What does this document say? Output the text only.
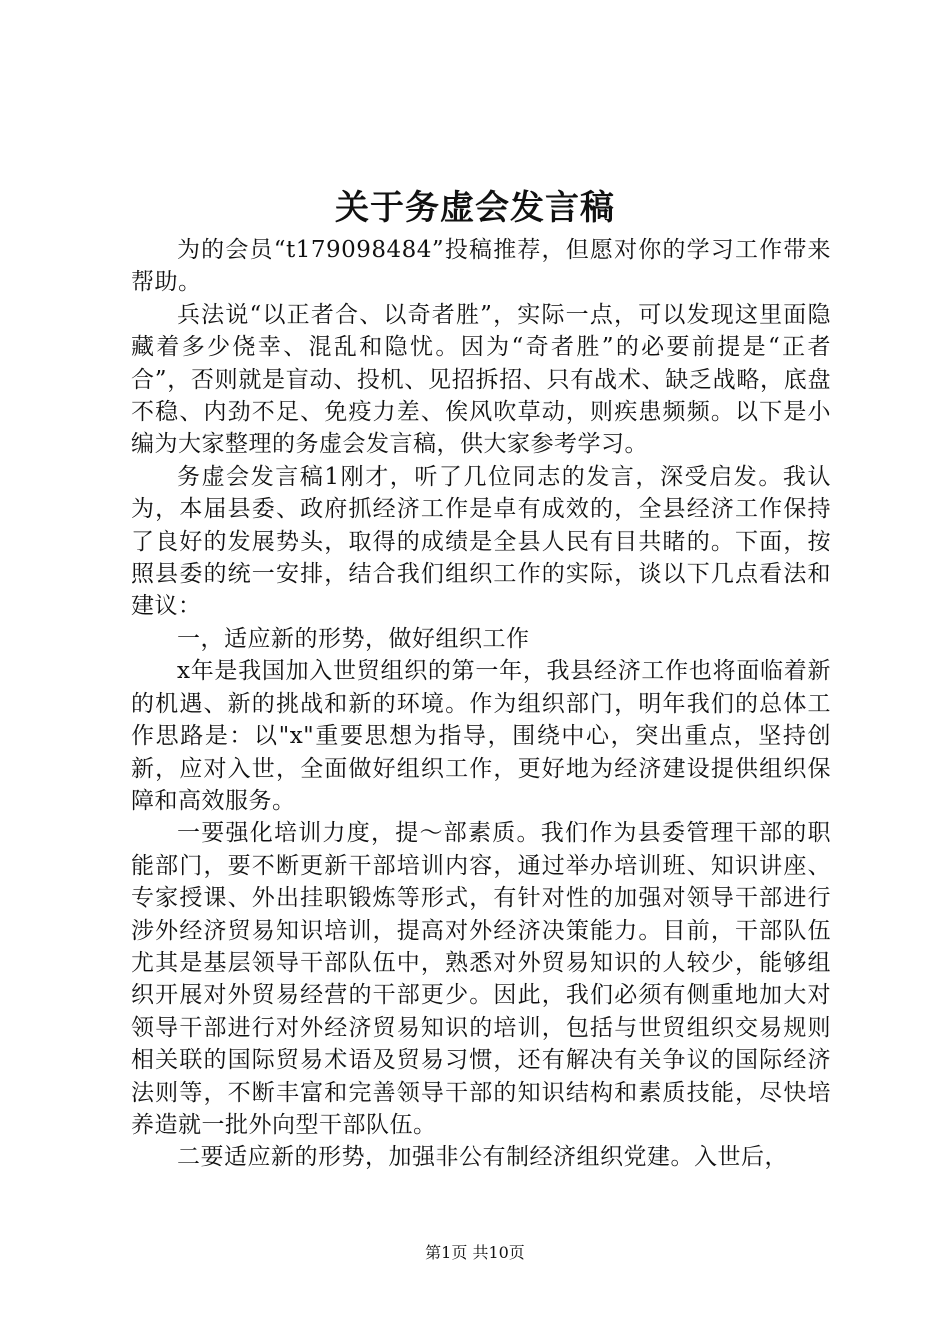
关于务虚会发言稿

为的会员“t179098484”投稿推荐，但愿对你的学习工作带来帮助。

兵法说“以正者合、以奇者胜”，实际一点，可以发现这里面隐藏着多少侥幸、混乱和隐忧。因为“奇者胜”的必要前提是“正者合”，否则就是盲动、投机、见招拆招、只有战术、缺乏战略，底盘不稳、内劲不足、免疫力差、俟风吹草动，则疾患频频。以下是小编为大家整理的务虚会发言稿，供大家参考学习。

务虚会发言稿1刚才，听了几位同志的发言，深受启发。我认为，本届县委、政府抓经济工作是卓有成效的，全县经济工作保持了良好的发展势头，取得的成绩是全县人民有目共睹的。下面，按照县委的统一安排，结合我们组织工作的实际，谈以下几点看法和建议：

一，适应新的形势，做好组织工作

x年是我国加入世贸组织的第一年，我县经济工作也将面临着新的机遇、新的挑战和新的环境。作为组织部门，明年我们的总体工作思路是：以"x"重要思想为指导，围绕中心，突出重点，坚持创新，应对入世，全面做好组织工作，更好地为经济建设提供组织保障和高效服务。

一要强化培训力度，提～部素质。我们作为县委管理干部的职能部门，要不断更新干部培训内容，通过举办培训班、知识讲座、专家授课、外出挂职锻炼等形式，有针对性的加强对领导干部进行涉外经济贸易知识培训，提高对外经济决策能力。目前，干部队伍尤其是基层领导干部队伍中，熟悉对外贸易知识的人较少，能够组织开展对外贸易经营的干部更少。因此，我们必须有侧重地加大对领导干部进行对外经济贸易知识的培训，包括与世贸组织交易规则相关联的国际贸易术语及贸易习惯，还有解决有关争议的国际经济法则等，不断丰富和完善领导干部的知识结构和素质技能，尽快培养造就一批外向型干部队伍。

二要适应新的形势，加强非公有制经济组织党建。入世后，

第1页 共10页
